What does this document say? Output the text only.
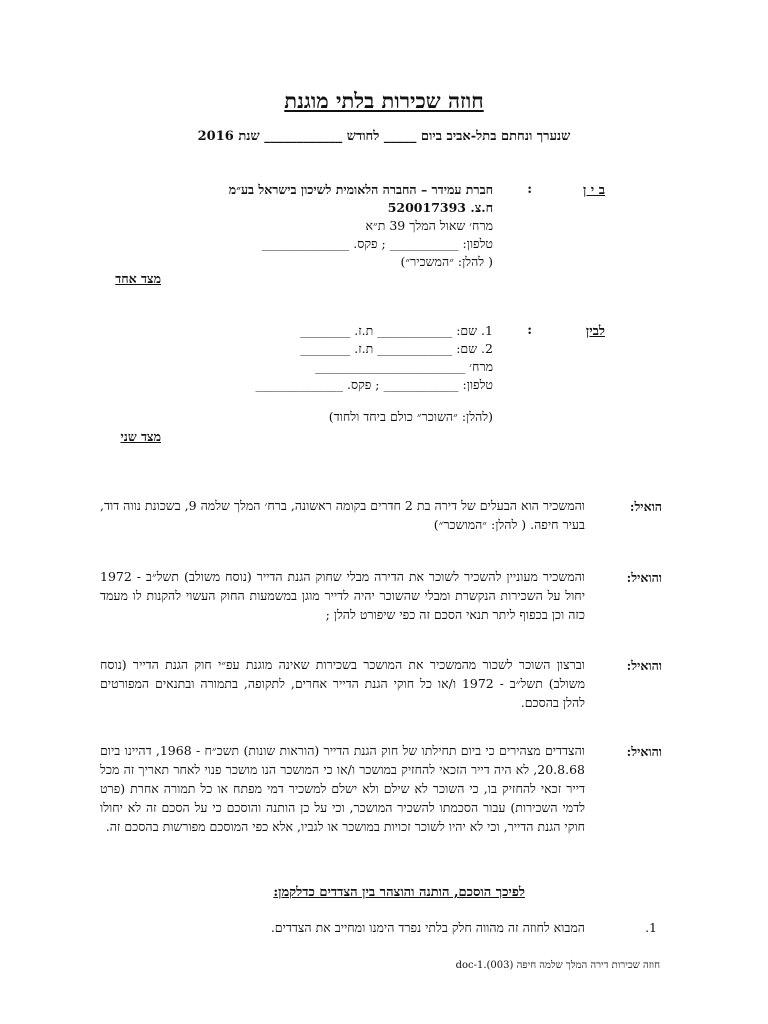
חוזה שכירות בלתי מוגנת
שנערך ונחתם בתל-אביב ביום _____ לחודש ____________ שנת 2016
ב י ן
:
חברת עמידר – החברה הלאומית לשיכון בישראל בע״מ
ח.צ. 520017393
מרח׳ שאול המלך 39 ת״א
טלפון: ___________ ; פקס. ______________
( להלן: ״המשכיר״)
מצד אחד
לבין
:
1. שם: ____________ ת.ז. ________
2. שם: ____________ ת.ז. ________
מרח׳ ________________________
טלפון: ____________ ; פקס. ______________
(להלן: ״השוכר״ כולם ביחד ולחוד)
מצד שני
הואיל:
והמשכיר הוא הבעלים של דירה בת 2 חדרים בקומה ראשונה, ברח׳ המלך שלמה 9, בשכונת נווה דוד, בעיר חיפה. ( להלן: ״המושכר״)
והואיל:
והמשכיר מעוניין להשכיר לשוכר את הדירה מבלי שחוק הגנת הדייר (נוסח משולב) תשל״ב - 1972 יחול על השכירות הנקשרת ומבלי שהשוכר יהיה לדייר מוגן במשמעות החוק העשוי להקנות לו מעמד כזה וכן בכפוף ליתר תנאי הסכם זה כפי שיפורט להלן ;
והואיל:
וברצון השוכר לשכור מהמשכיר את המושכר בשכירות שאינה מוגנת עפ״י חוק הגנת הדייר (נוסח משולב) תשל״ב - 1972 ו/או כל חוקי הגנת הדייר אחרים, לתקופה, בתמורה ובתנאים המפורטים להלן בהסכם.
והואיל:
והצדדים מצהירים כי ביום תחילתו של חוק הגנת הדייר (הוראות שונות) תשכ״ח - 1968, דהיינו ביום 20.8.68, לא היה דייר הזכאי להחזיק במושכר ו/או כי המושכר הנו מושכר פנוי לאחר תאריך זה מכל דייר זכאי להחזיק בו, כי השוכר לא שילם ולא ישלם למשכיר דמי מפתח או כל תמורה אחרת (פרט לדמי השכירות) עבור הסכמתו להשכיר המושכר, וכי על כן הותנה והוסכם כי על הסכם זה לא יחולו חוקי הגנת הדייר, וכי לא יהיו לשוכר זכויות במושכר או לגביו, אלא כפי המוסכם מפורשות בהסכם זה.
לפיכך הוסכם, הותנה והוצהר בין הצדדים כדלקמן:
1.
המבוא לחוזה זה מהווה חלק בלתי נפרד הימנו ומחייב את הצדדים.
חוזה שכירות דירה המלך שלמה חיפה (003).doc-1
